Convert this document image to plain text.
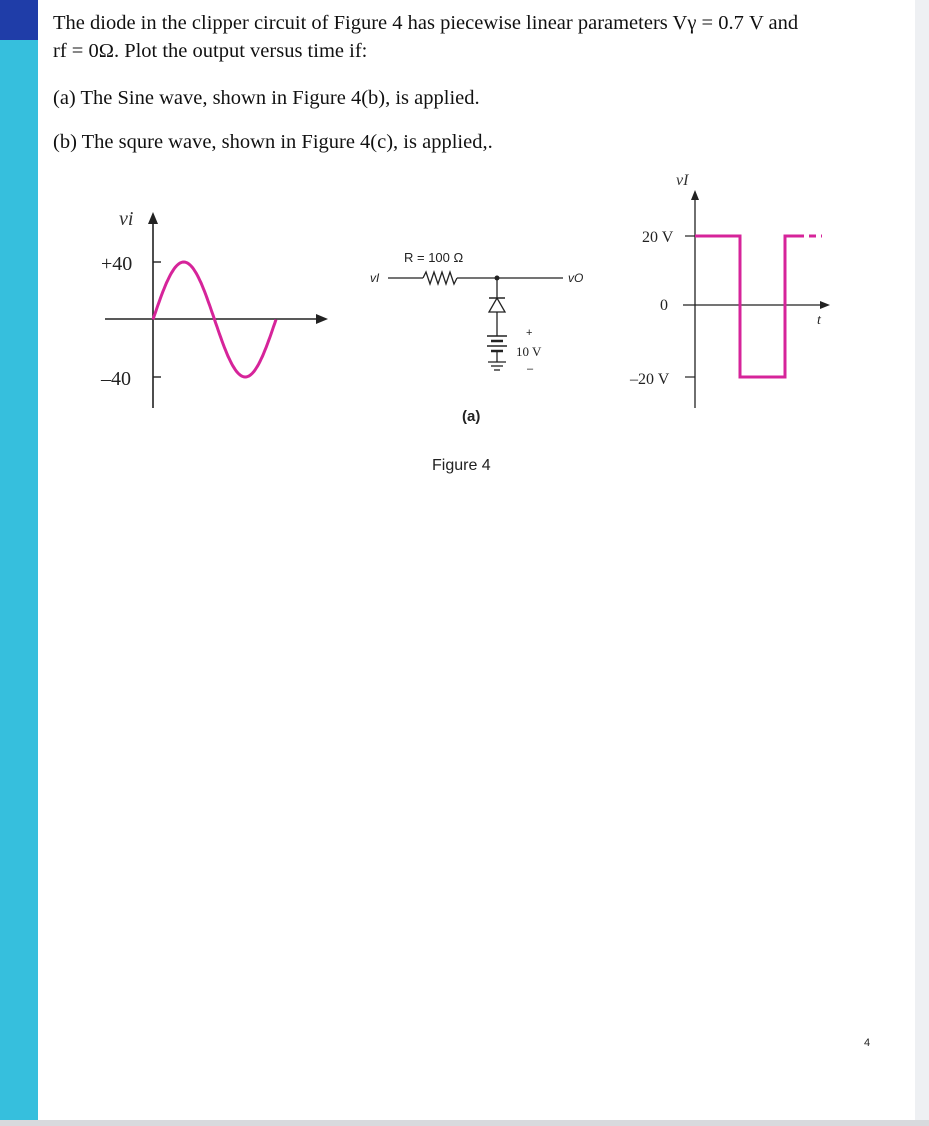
The diode in the clipper circuit of Figure 4 has piecewise linear parameters Vγ = 0.7 V and
rf = 0Ω. Plot the output versus time if:
(a) The Sine wave, shown in Figure 4(b), is applied.
(b) The squre wave, shown in Figure 4(c), is applied,.
vi
+40
–40
R = 100 Ω
vI	vO
+
10 V
–
(a)
Figure 4
vI
20 V
0
–20 V
t
4
